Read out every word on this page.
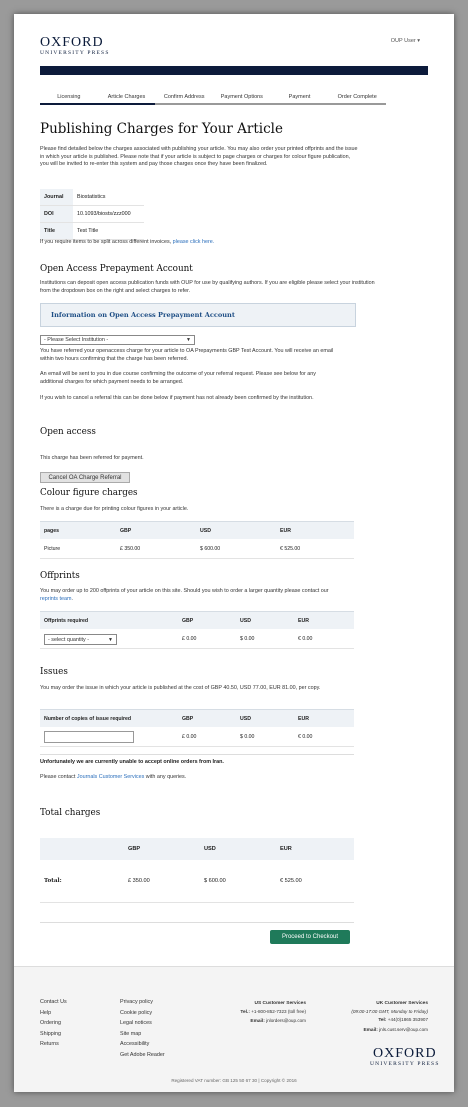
OXFORD
UNIVERSITY PRESS
OUP User ▾
Licensing	Article Charges	Confirm Address	Payment Options	Payment	Order Complete
Publishing Charges for Your Article
Please find detailed below the charges associated with publishing your article. You may also order your printed offprints and the issue in which your article is published. Please note that if your article is subject to page charges or charges for colour figure publication, you will be invited to re-enter this system and pay those charges once they have been finalized.
Journal	Biostatistics
DOI	10.1093/biosts/zzz000
Title	Test Title
If you require items to be split across different invoices, please click here.
Open Access Prepayment Account
Institutions can deposit open access publication funds with OUP for use by qualifying authors. If you are eligible please select your institution from the dropdown box on the right and select charges to refer.
Information on Open Access Prepayment Account
- Please Select Institution -	▼
You have referred your openaccess charge for your article to OA Prepayments GBP Test Account. You will receive an email within two hours confirming that the charge has been referred.
An email will be sent to you in due course confirming the outcome of your referral request. Please see below for any additional charges for which payment needs to be arranged.
If you wish to cancel a referral this can be done below if payment has not already been confirmed by the institution.
Open access
This charge has been referred for payment.
Cancel OA Charge Referral
Colour figure charges
There is a charge due for printing colour figures in your article.
pages	GBP	USD	EUR
Picture	£ 350.00	$ 600.00	€ 525.00
Offprints
You may order up to 200 offprints of your article on this site. Should you wish to order a larger quantity please contact our reprints team.
Offprints required	GBP	USD	EUR
	£ 0.00	$ 0.00	€ 0.00
- select quantity -	▼
Issues
You may order the issue in which your article is published at the cost of GBP 40.50, USD 77.00, EUR 81.00, per copy.
Number of copies of issue required	GBP	USD	EUR
	£ 0.00	$ 0.00	€ 0.00
Unfortunately we are currently unable to accept online orders from Iran.
Please contact Journals Customer Services with any queries.
Total charges
	GBP	USD	EUR
Total:	£ 350.00	$ 600.00	€ 525.00
Proceed to Checkout
Contact Us
Help
Ordering
Shipping
Returns
Privacy policy
Cookie policy
Legal notices
Site map
Accessibility
Get Adobe Reader
US Customer Services
Tel.: +1-800-852-7323 (toll free)
Email: jnlorders@oup.com
UK Customer Services
(09:00-17:00 GMT, Monday to Friday)
Tel: +44(0)1865 353907
Email: jnls.cust.serv@oup.com
OXFORD
UNIVERSITY PRESS
Registered VAT number: GB 125 50 67 30 | Copyright © 2016
